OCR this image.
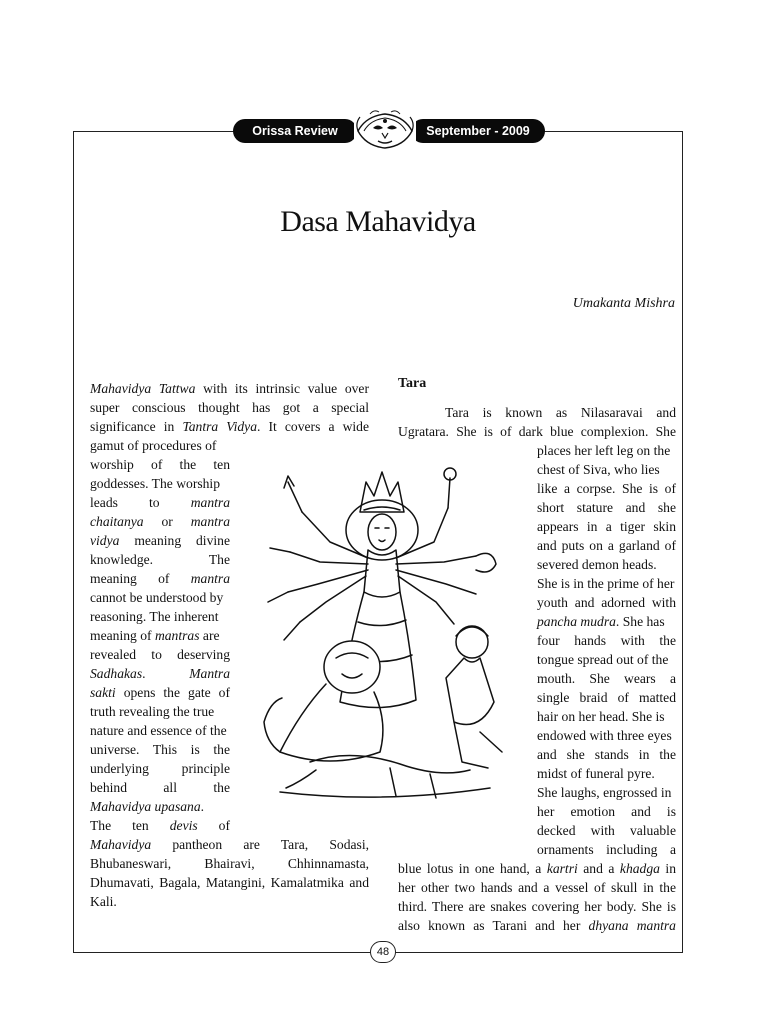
Orissa Review	September - 2009
Dasa Mahavidya
Umakanta Mishra
Mahavidya Tattwa with its intrinsic value over
super conscious thought has got a special
significance in Tantra Vidya. It covers a wide
gamut of procedures of
worship of the ten
goddesses. The worship
leads to mantra
chaitanya or mantra
vidya meaning divine
knowledge. The
meaning of mantra
cannot be understood by
reasoning. The inherent
meaning of mantras are
revealed to deserving
Sadhakas. Mantra
sakti opens the gate of
truth revealing the true
nature and essence of the
universe. This is the
underlying principle
behind all the
Mahavidya upasana.
The ten devis of
Mahavidya pantheon are Tara, Sodasi,
Bhubaneswari, Bhairavi, Chhinnamasta,
Dhumavati, Bagala, Matangini, Kamalatmika and
Kali.
Tara
Tara is known as Nilasaravai and
Ugratara. She is of dark blue complexion. She
places her left leg on the
chest of Siva, who lies
like a corpse. She is of
short stature and she
appears in a tiger skin
and puts on a garland of
severed demon heads.
She is in the prime of her
youth and adorned with
pancha mudra. She has
four hands with the
tongue spread out of the
mouth. She wears a
single braid of matted
hair on her head. She is
endowed with three eyes
and she stands in the
midst of funeral pyre.
She laughs, engrossed in
her emotion and is
decked with valuable
ornaments including a
blue lotus in one hand, a kartri and a khadga in
her other two hands and a vessel of skull in the
third. There are snakes covering her body. She is
also known as Tarani and her dhyana mantra
48
